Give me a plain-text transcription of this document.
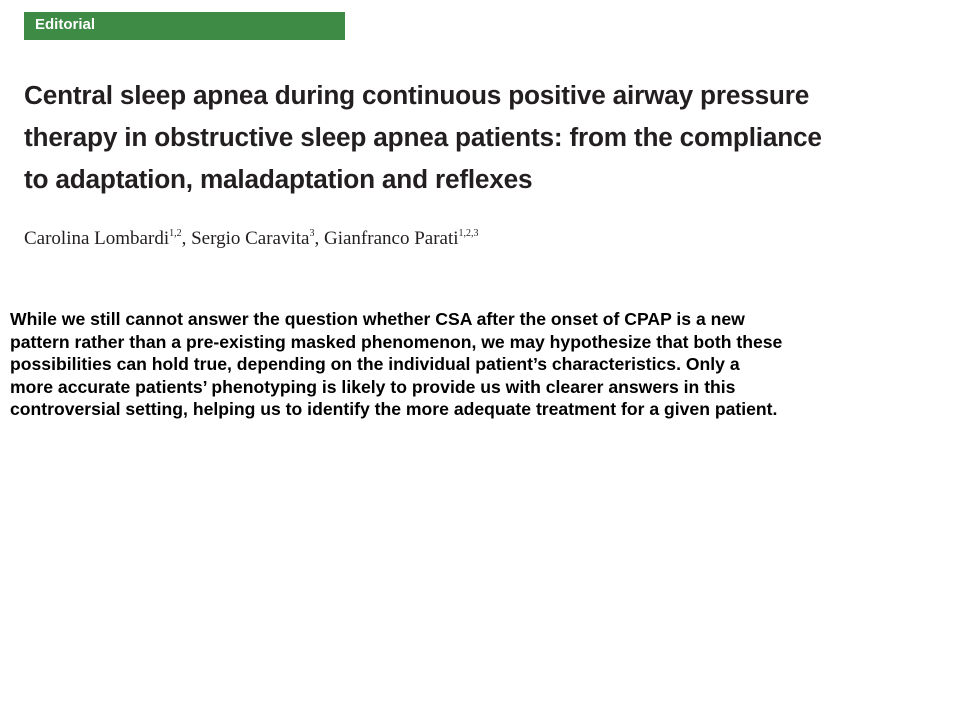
Editorial
Central sleep apnea during continuous positive airway pressure
therapy in obstructive sleep apnea patients: from the compliance
to adaptation, maladaptation and reflexes
Carolina Lombardi$^{1,2}$, Sergio Caravita$^3$, Gianfranco Parati$^{1,2,3}$

While we still cannot answer the question whether CSA after the onset of CPAP is a new
pattern rather than a pre-existing masked phenomenon, we may hypothesize that both these
possibilities can hold true, depending on the individual patient’s characteristics. Only a
more accurate patients’ phenotyping is likely to provide us with clearer answers in this
controversial setting, helping us to identify the more adequate treatment for a given patient.
